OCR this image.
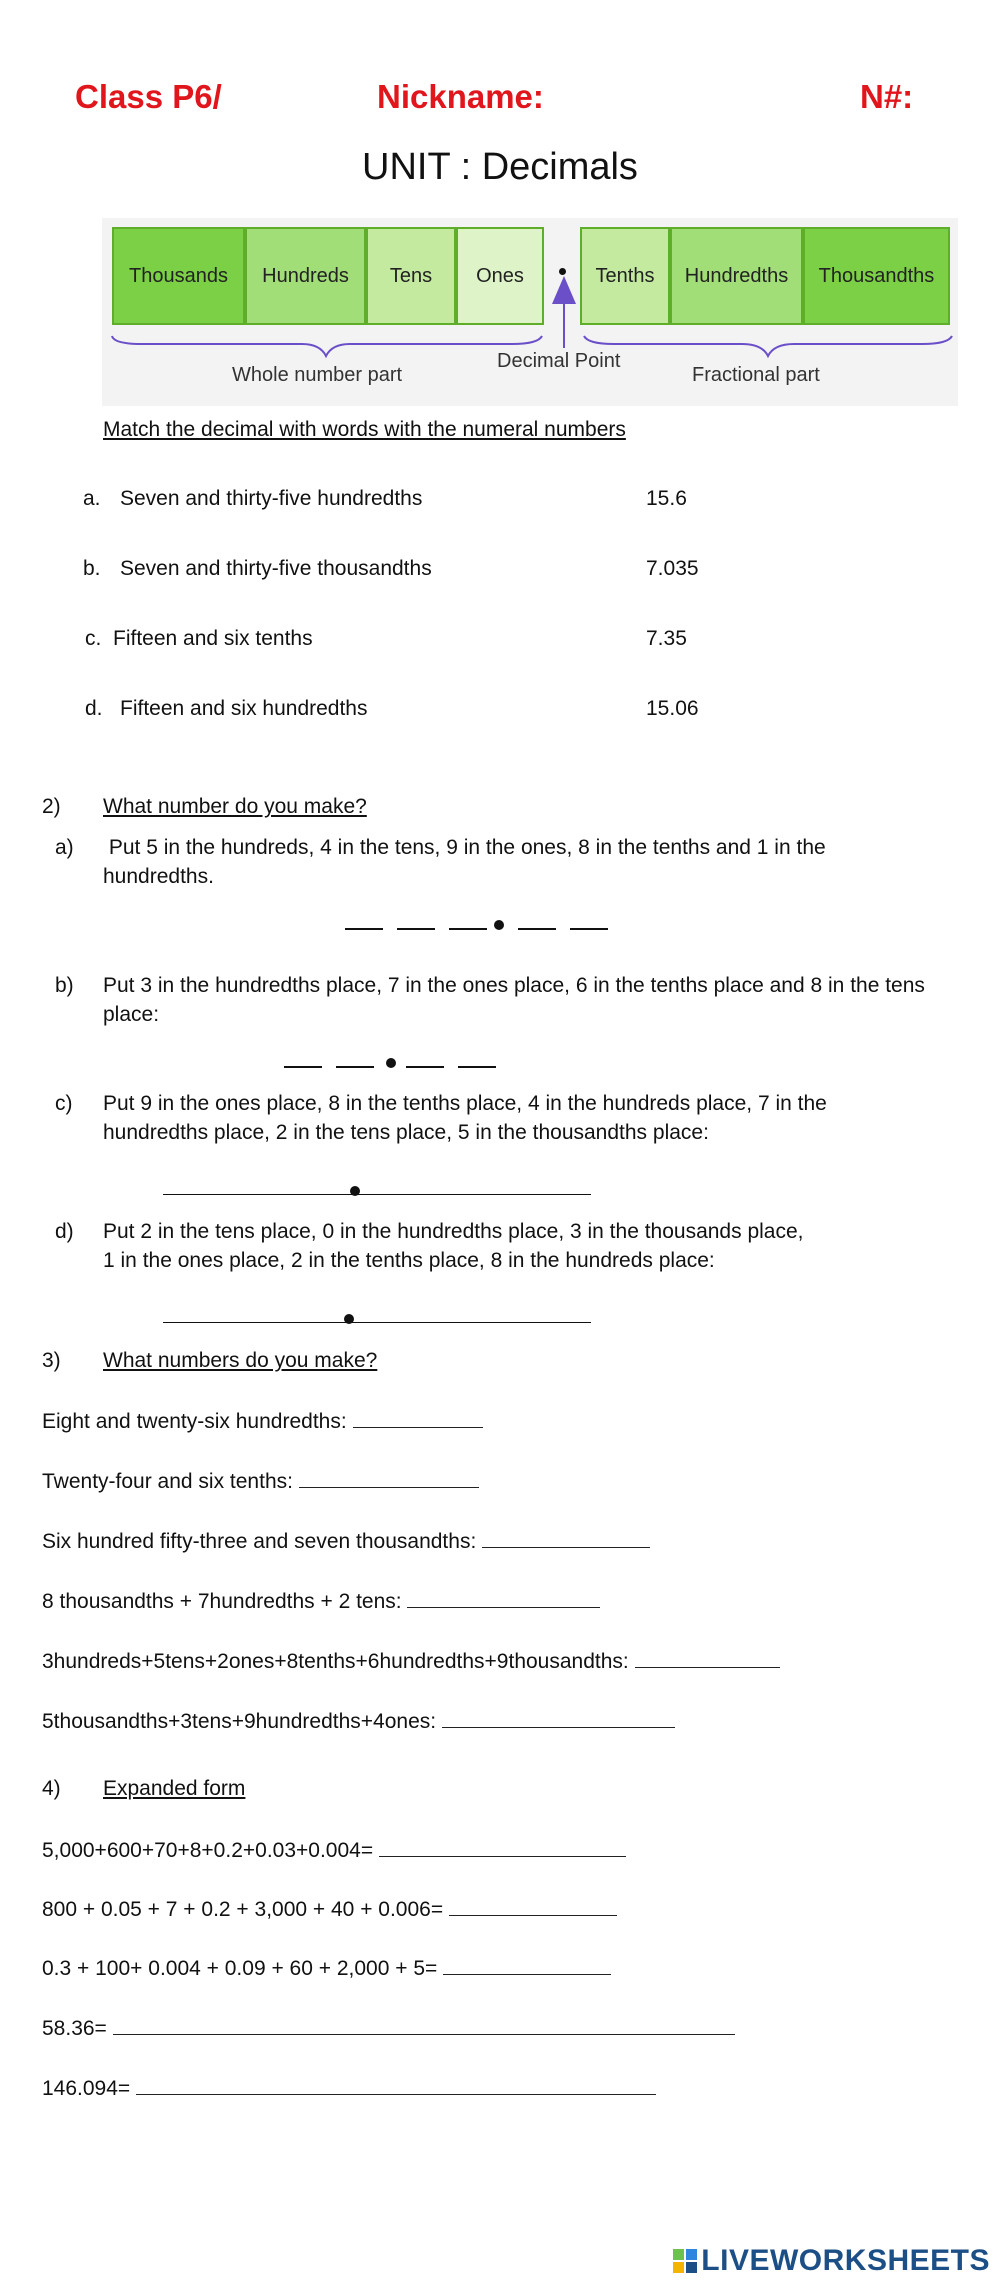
Class P6/	Nickname:	N#:
UNIT : Decimals
Thousands Hundreds Tens Ones	Tenths Hundredths Thousandths
Whole number part
Decimal Point
Fractional part
Match the decimal with words with the numeral numbers
a. Seven and thirty-five hundredths	15.6
b. Seven and thirty-five thousandths	7.035
c. Fifteen and six tenths	7.35
d. Fifteen and six hundredths	15.06
2) What number do you make?
a) Put 5 in the hundreds, 4 in the tens, 9 in the ones, 8 in the tenths and 1 in the
hundredths.
b) Put 3 in the hundredths place, 7 in the ones place, 6 in the tenths place and 8 in the tens
place:
c) Put 9 in the ones place, 8 in the tenths place, 4 in the hundreds place, 7 in the
hundredths place, 2 in the tens place, 5 in the thousandths place:
d) Put 2 in the tens place, 0 in the hundredths place, 3 in the thousands place,
1 in the ones place, 2 in the tenths place, 8 in the hundreds place:
3) What numbers do you make?
Eight and twenty-six hundredths:
Twenty-four and six tenths:
Six hundred fifty-three and seven thousandths:
8 thousandths + 7hundredths + 2 tens:
3hundreds+5tens+2ones+8tenths+6hundredths+9thousandths:
5thousandths+3tens+9hundredths+4ones:
4) Expanded form
5,000+600+70+8+0.2+0.03+0.004=
800 + 0.05 + 7 + 0.2 + 3,000 + 40 + 0.006=
0.3 + 100+ 0.004 + 0.09 + 60 + 2,000 + 5=
58.36=
146.094=
LIVEWORKSHEETS
